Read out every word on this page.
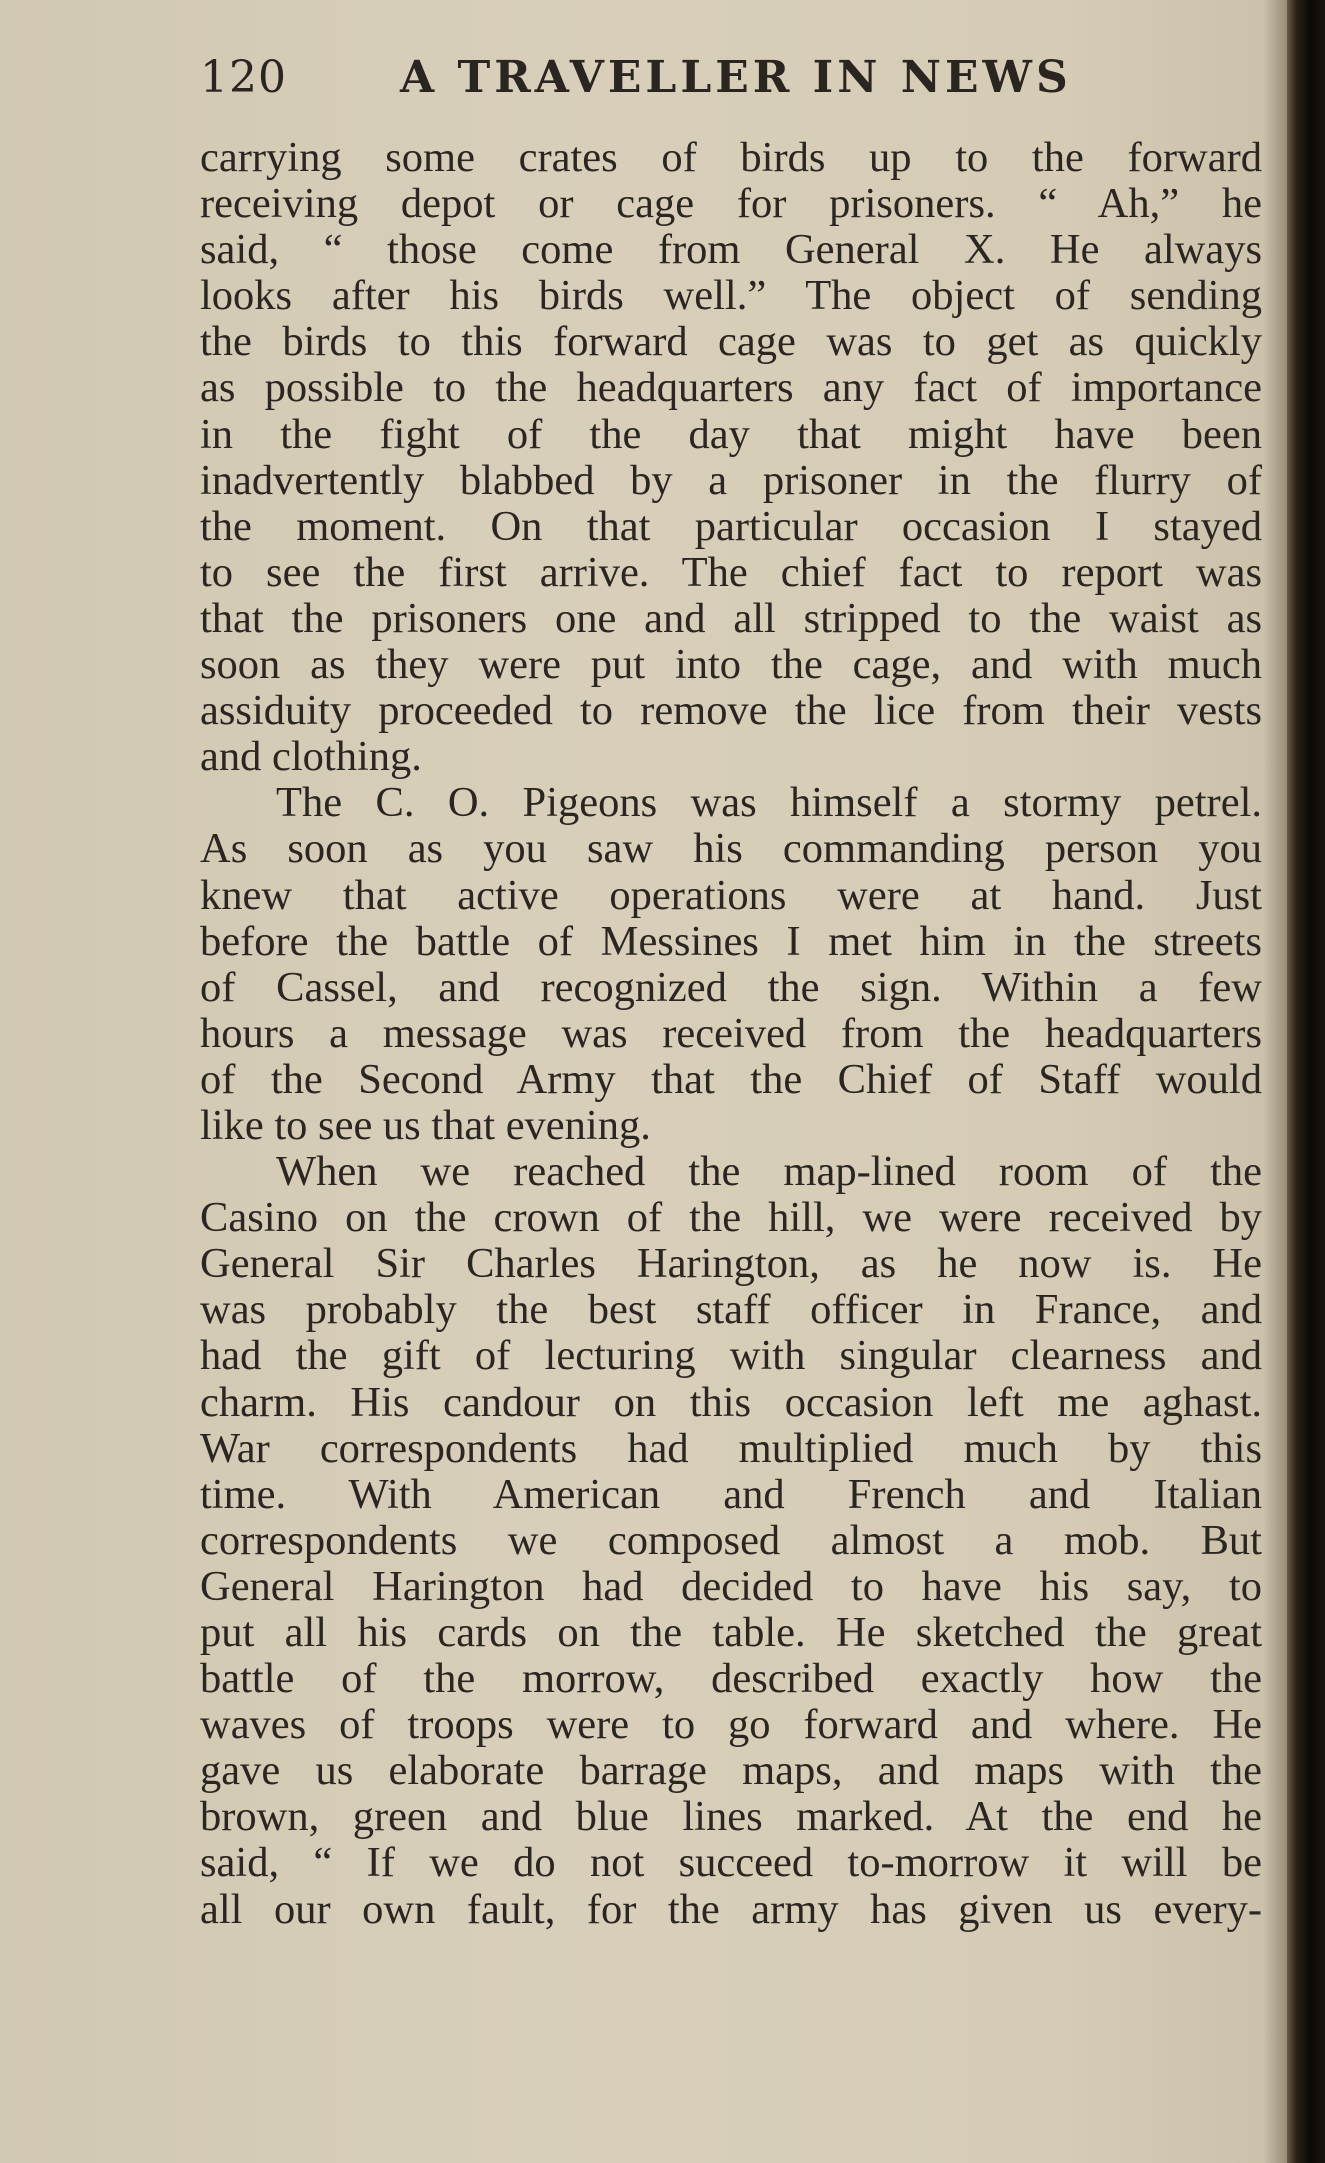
120	A TRAVELLER IN NEWS
carrying some crates of birds up to the forward
receiving depot or cage for prisoners. “ Ah,” he
said, “ those come from General X. He always
looks after his birds well.” The object of sending
the birds to this forward cage was to get as quickly
as possible to the headquarters any fact of importance
in the fight of the day that might have been
inadvertently blabbed by a prisoner in the flurry of
the moment. On that particular occasion I stayed
to see the first arrive. The chief fact to report was
that the prisoners one and all stripped to the waist as
soon as they were put into the cage, and with much
assiduity proceeded to remove the lice from their vests
and clothing.
The C. O. Pigeons was himself a stormy petrel.
As soon as you saw his commanding person you
knew that active operations were at hand. Just
before the battle of Messines I met him in the streets
of Cassel, and recognized the sign. Within a few
hours a message was received from the headquarters
of the Second Army that the Chief of Staff would
like to see us that evening.
When we reached the map-lined room of the
Casino on the crown of the hill, we were received by
General Sir Charles Harington, as he now is. He
was probably the best staff officer in France, and
had the gift of lecturing with singular clearness and
charm. His candour on this occasion left me aghast.
War correspondents had multiplied much by this
time. With American and French and Italian
correspondents we composed almost a mob. But
General Harington had decided to have his say, to
put all his cards on the table. He sketched the great
battle of the morrow, described exactly how the
waves of troops were to go forward and where. He
gave us elaborate barrage maps, and maps with the
brown, green and blue lines marked. At the end he
said, “ If we do not succeed to-morrow it will be
all our own fault, for the army has given us every-
